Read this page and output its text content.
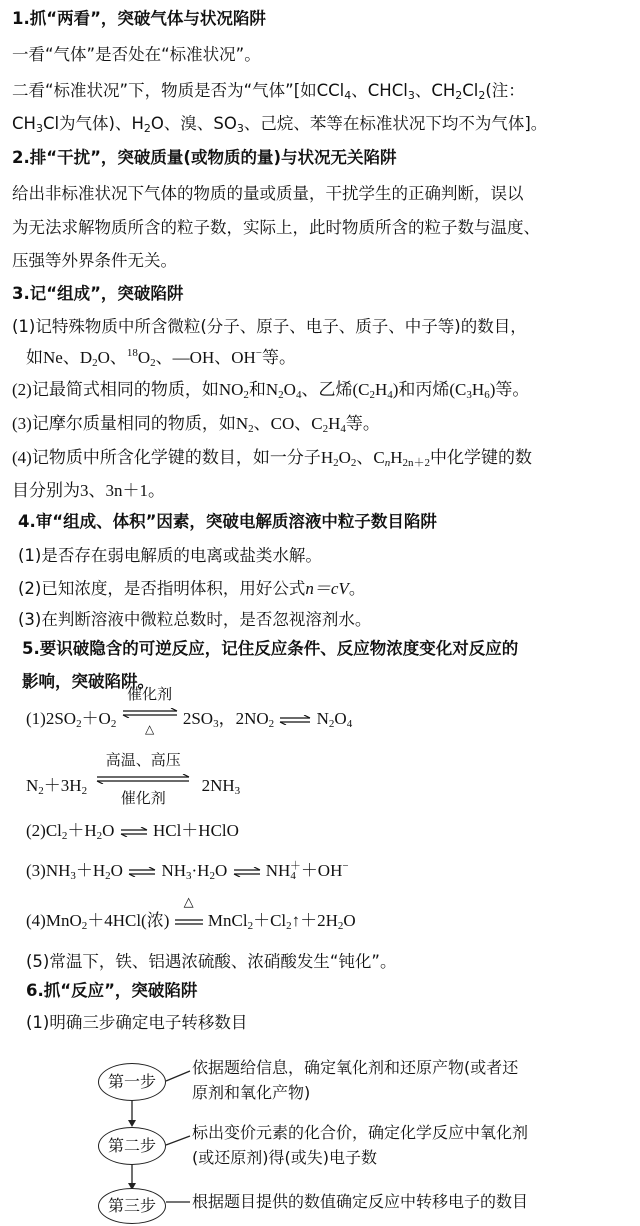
1.抓“两看”，突破气体与状况陷阱
一看“气体”是否处在“标准状况”。
二看“标准状况”下，物质是否为“气体”[如CCl$_4$、CHCl$_3$、$CH_2Cl_2$(注：
$CH_3Cl$为气体)、$H_2O$、溴、$SO_3$、己烷、苯等在标准状况下均不为气体]。
2.排“干扰”，突破质量(或物质的量)与状况无关陷阱
给出非标准状况下气体的物质的量或质量，干扰学生的正确判断，误以
为无法求解物质所含的粒子数，实际上，此时物质所含的粒子数与温度、
压强等外界条件无关。
3.记“组成”，突破陷阱
(1)记特殊物质中所含微粒(分子、原子、电子、质子、中子等)的数目，
如Ne、$D_2O$、$^{18}O_2$、—OH、OH−等。
(2)记最简式相同的物质，如$NO_2$和$N_2O_4$、乙烯$(C_2H_4)$和丙烯$(C_3H_6)$等。
(3)记摩尔质量相同的物质，如$N_2$、CO、$C_2H_4$等。
(4)记物质中所含化学键的数目，如一分子$H_2O_2$、$C_nH_{2n+2}$中化学键的数
目分别为3、3n＋1。
4.审“组成、体积”因素，突破电解质溶液中粒子数目陷阱
(1)是否存在弱电解质的电离或盐类水解。
(2)已知浓度，是否指明体积，用好公式n＝cV。
(3)在判断溶液中微粒总数时，是否忽视溶剂水。
5.要识破隐含的可逆反应，记住反应条件、反应物浓度变化对反应的
影响，突破陷阱。
$(1)2SO_2+O_2$
催化剂
△
$2SO_3$，$2NO_2$ ⇌ $N_2O_4$
$N_2+3H_2$
高温、高压
催化剂
$2NH_3$
$(2)Cl_2+H_2O$ ⇌ HCl＋HClO
$(3)NH_3+H_2O$ ⇌ $NH_3\cdot H_2O$ ⇌ $NH_4^++OH^-$
(4)MnO$_2$＋4HCl(浓)
△
$MnCl_2+Cl_2↑+2H_2O$
(5)常温下，铁、铝遇浓硫酸、浓硝酸发生“钝化”。
6.抓“反应”，突破陷阱
(1)明确三步确定电子转移数目
第一步
第二步
第三步
依据题给信息，确定氧化剂和还原产物(或者还
原剂和氧化产物)
标出变价元素的化合价，确定化学反应中氧化剂
(或还原剂)得(或失)电子数
根据题目提供的数值确定反应中转移电子的数目
